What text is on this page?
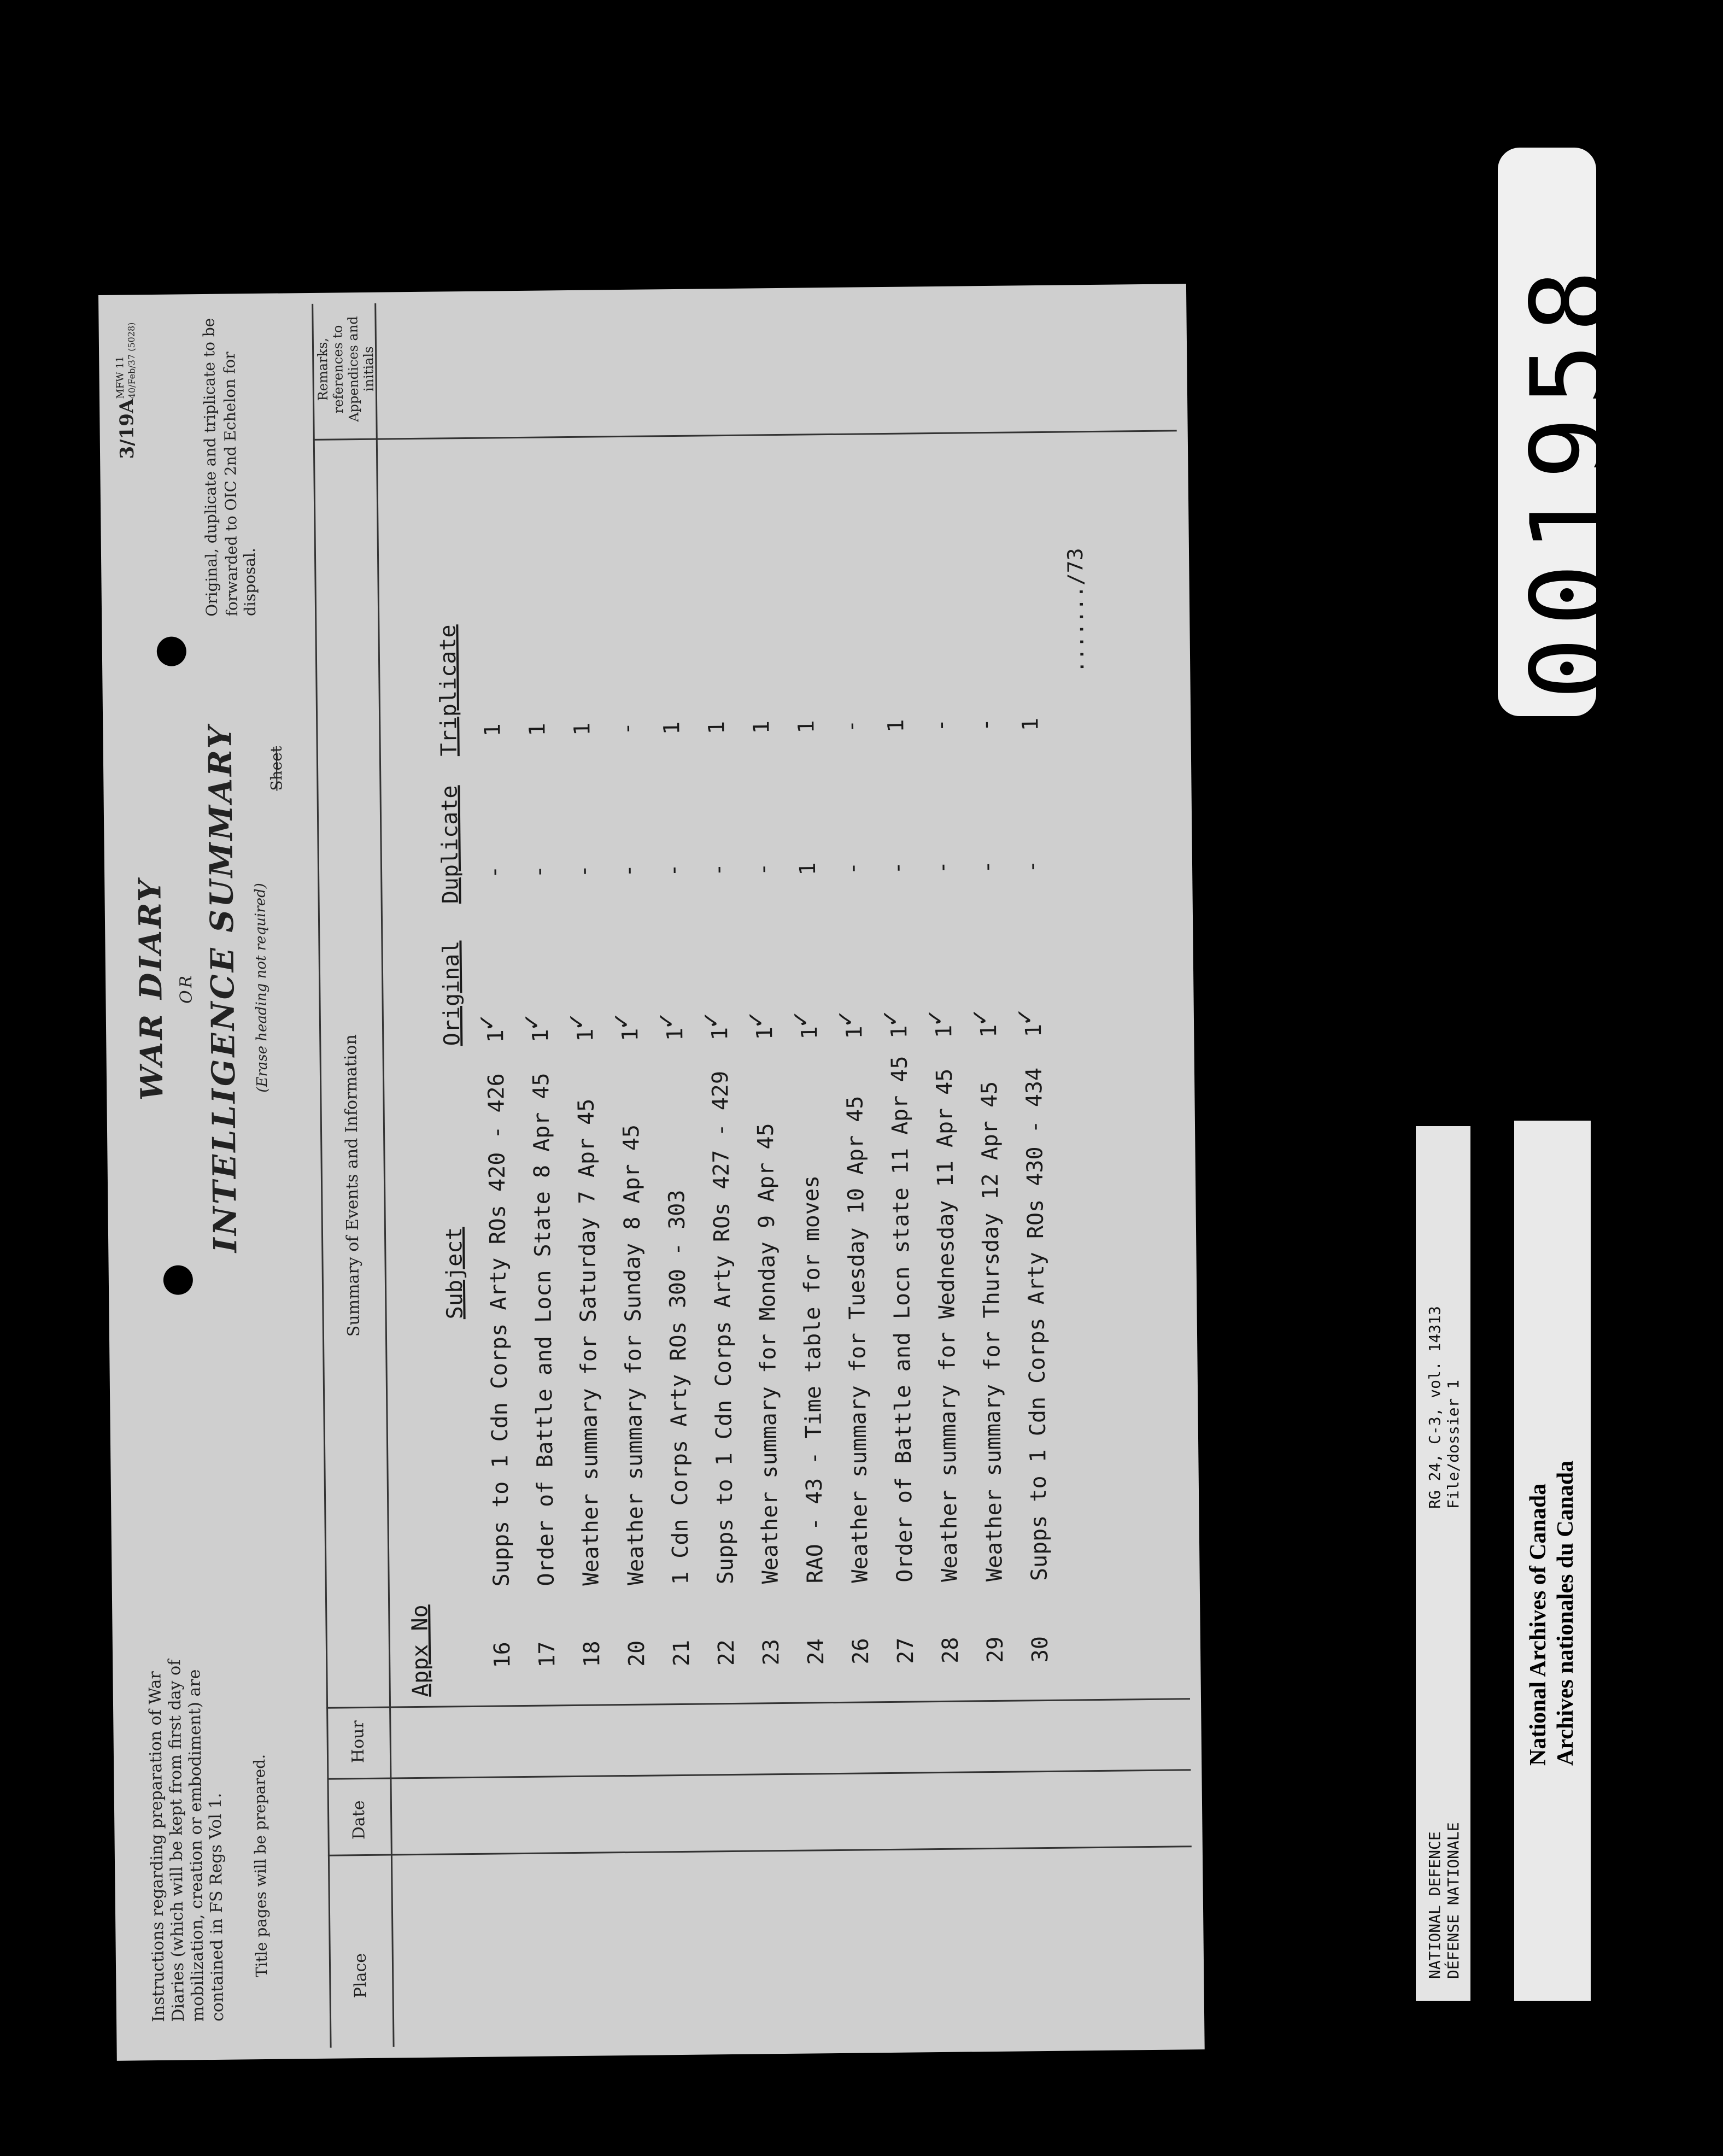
Instructions regarding preparation of War Diaries (which will be kept from first day of mobilization, creation or embodiment) are contained in FS Regs Vol 1. Title pages will be prepared.
WAR DIARY OR INTELLIGENCE SUMMARY (Erase heading not required)
3/19A
MFW 11 40/Feb/37 (5028)	Original, duplicate and triplicate to be
forwarded to OIC 2nd Echelon for disposal.
Sheet
Place
Date
Hour
Summary of Events and Information
Remarks, references to Appendices and initials
Appx No
Subject
Original
Duplicate
Triplicate
16
Supps to 1 Cdn Corps Arty ROs 420 - 426
1
✓
-
1
17
Order of Battle and Locn State 8 Apr 45
1
✓
-
1
18
Weather summary for Saturday 7 Apr 45
1
✓
-
1
20
Weather summary for Sunday 8 Apr 45
1
✓
-
-
21
1 Cdn Corps Arty ROs 300 - 303
1
✓
-
1
22
Supps to 1 Cdn Corps Arty ROs 427 - 429
1
✓
-
1
23
Weather summary for Monday 9 Apr 45
1
✓
-
1
24
RAO - 43 - Time table for moves
1
✓
1
1
26
Weather summary for Tuesday 10 Apr 45
1
✓
-
-
27
Order of Battle and Locn state 11 Apr 45
1
✓
-
1
28
Weather summary for Wednesday 11 Apr 45
1
✓
-
-
29
Weather summary for Thursday 12 Apr 45
1
✓
-
-
30
Supps to 1 Cdn Corps Arty ROs 430 - 434
1
✓
-
1
......./73
NATIONAL DEFENCE DÉFENSE NATIONALE
RG 24, C-3, vol. 14313 File/dossier 1
National Archives of Canada Archives nationales du Canada
001958
